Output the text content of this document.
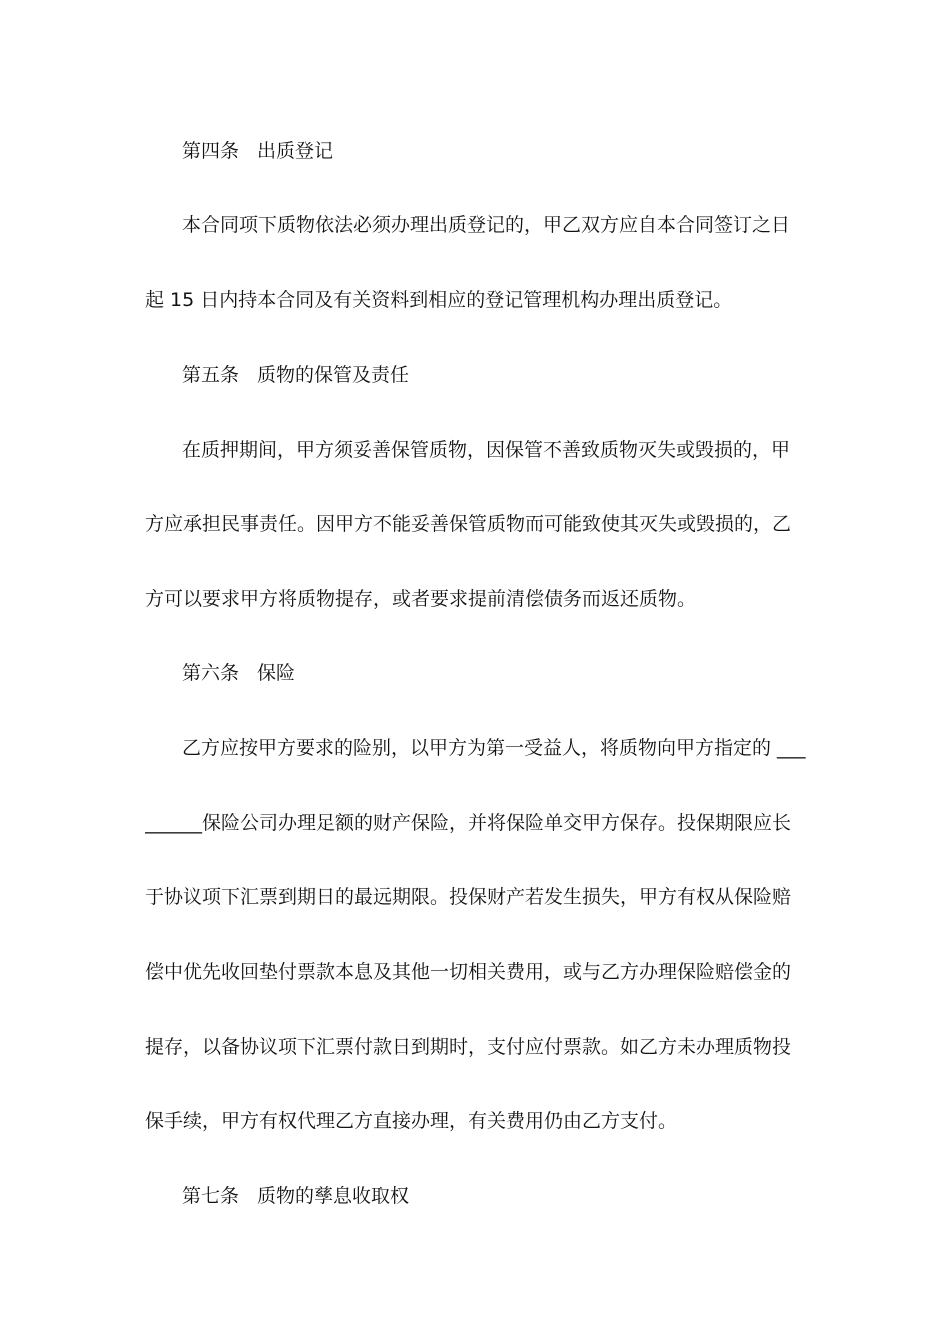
第四条 出质登记
本合同项下质物依法必须办理出质登记的，甲乙双方应自本合同签订之日
起 15 日内持本合同及有关资料到相应的登记管理机构办理出质登记。
第五条 质物的保管及责任
在质押期间，甲方须妥善保管质物，因保管不善致质物灭失或毁损的，甲
方应承担民事责任。因甲方不能妥善保管质物而可能致使其灭失或毁损的，乙
方可以要求甲方将质物提存，或者要求提前清偿债务而返还质物。
第六条 保险
乙方应按甲方要求的险别，以甲方为第一受益人，将质物向甲方指定的 ___
______保险公司办理足额的财产保险，并将保险单交甲方保存。投保期限应长
于协议项下汇票到期日的最远期限。投保财产若发生损失，甲方有权从保险赔
偿中优先收回垫付票款本息及其他一切相关费用，或与乙方办理保险赔偿金的
提存，以备协议项下汇票付款日到期时，支付应付票款。如乙方未办理质物投
保手续，甲方有权代理乙方直接办理，有关费用仍由乙方支付。
第七条 质物的孳息收取权
